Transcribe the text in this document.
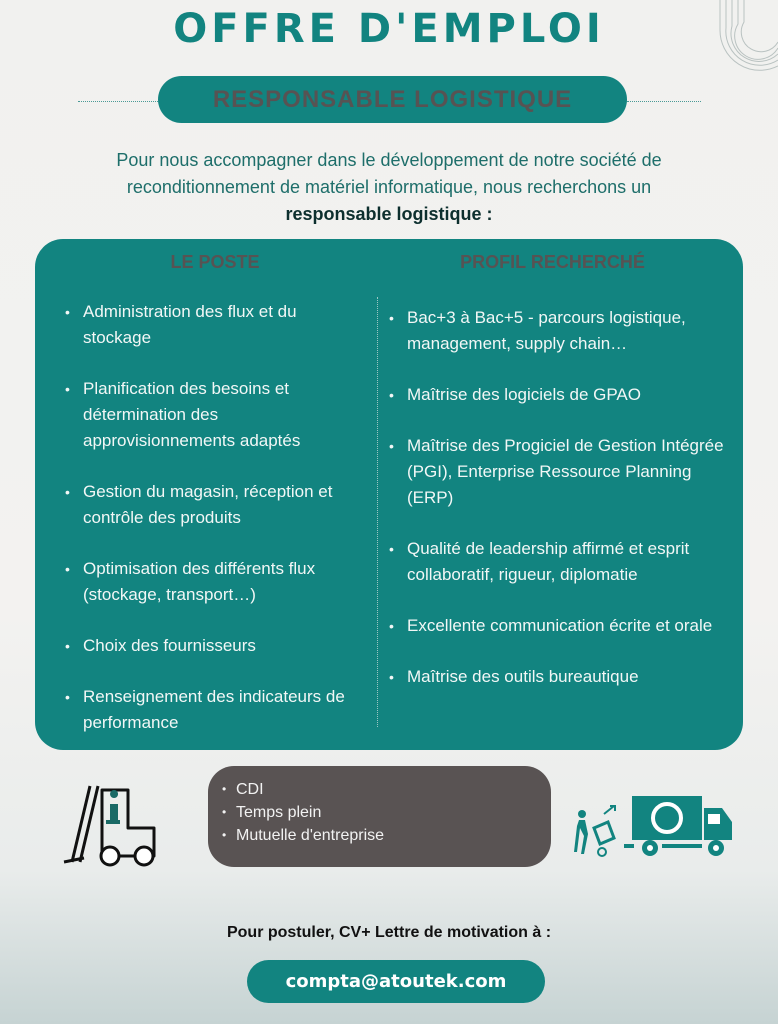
OFFRE D'EMPLOI
RESPONSABLE LOGISTIQUE
Pour nous accompagner dans le développement de notre société de reconditionnement de matériel informatique, nous recherchons un
responsable logistique :
LE POSTE	PROFIL RECHERCHÉ
• Administration des flux et du stockage
• Planification des besoins et détermination des approvisionnements adaptés
• Gestion du magasin, réception et contrôle des produits
• Optimisation des différents flux (stockage, transport…)
• Choix des fournisseurs
• Renseignement des indicateurs de performance
• Bac+3 à Bac+5 - parcours logistique, management, supply chain…
• Maîtrise des logiciels de GPAO
• Maîtrise des Progiciel de Gestion Intégrée (PGI), Enterprise Ressource Planning (ERP)
• Qualité de leadership affirmé et esprit collaboratif, rigueur, diplomatie
• Excellente communication écrite et orale
• Maîtrise des outils bureautique
• CDI
• Temps plein
• Mutuelle d'entreprise
Pour postuler, CV+ Lettre de motivation à :
compta@atoutek.com
